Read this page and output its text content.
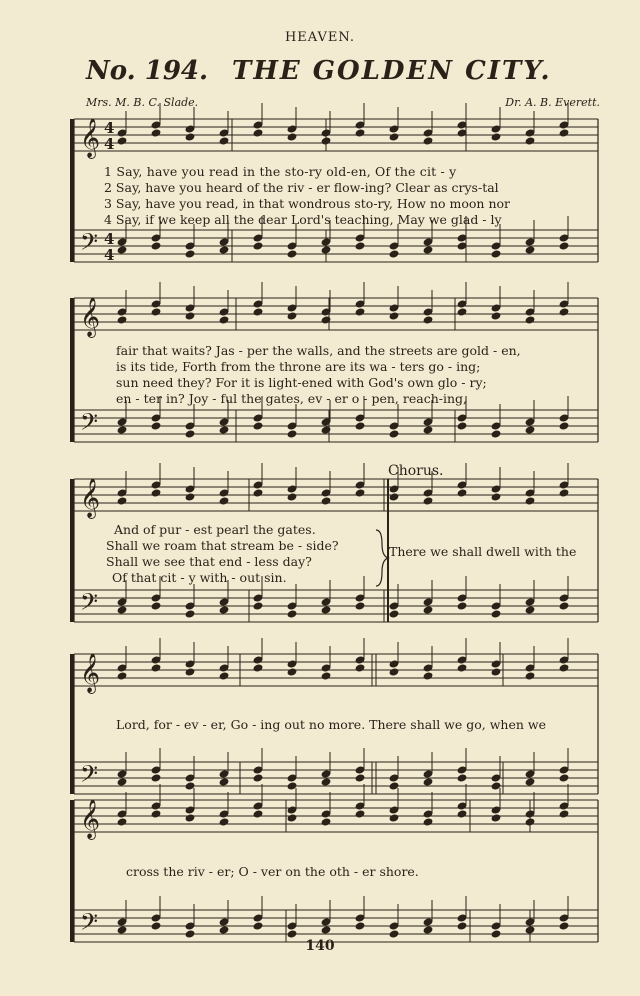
HEAVEN.
No. 194. THE GOLDEN CITY.
Mrs. M. B. C. Slade.	Dr. A. B. Everett.
𝄞
𝄢
𝄞
𝄢
𝄞
𝄢
𝄞
𝄢
𝄞
𝄢
4
4
4
4
1 Say, have you read in the sto-ry old-en, Of the cit - y
2 Say, have you heard of the riv - er flow-ing? Clear as crys-tal
3 Say, have you read, in that wondrous sto-ry, How no moon nor
4 Say, if we keep all the dear Lord's teaching, May we glad - ly
fair that waits? Jas - per the walls, and the streets are gold - en,
is its tide, Forth from the throne are its wa - ters go - ing;
sun need they? For it is light-ened with God's own glo - ry;
en - ter in? Joy - ful the gates, ev - er o - pen, reach-ing,
Chorus.
And of pur - est pearl the gates.
Shall we roam that stream be - side?
Shall we see that end - less day?
Of that cit - y with - out sin.
There we shall dwell with the
Lord, for - ev - er, Go - ing out no more. There shall we go, when we
cross the riv - er; O - ver on the oth - er shore.
140
